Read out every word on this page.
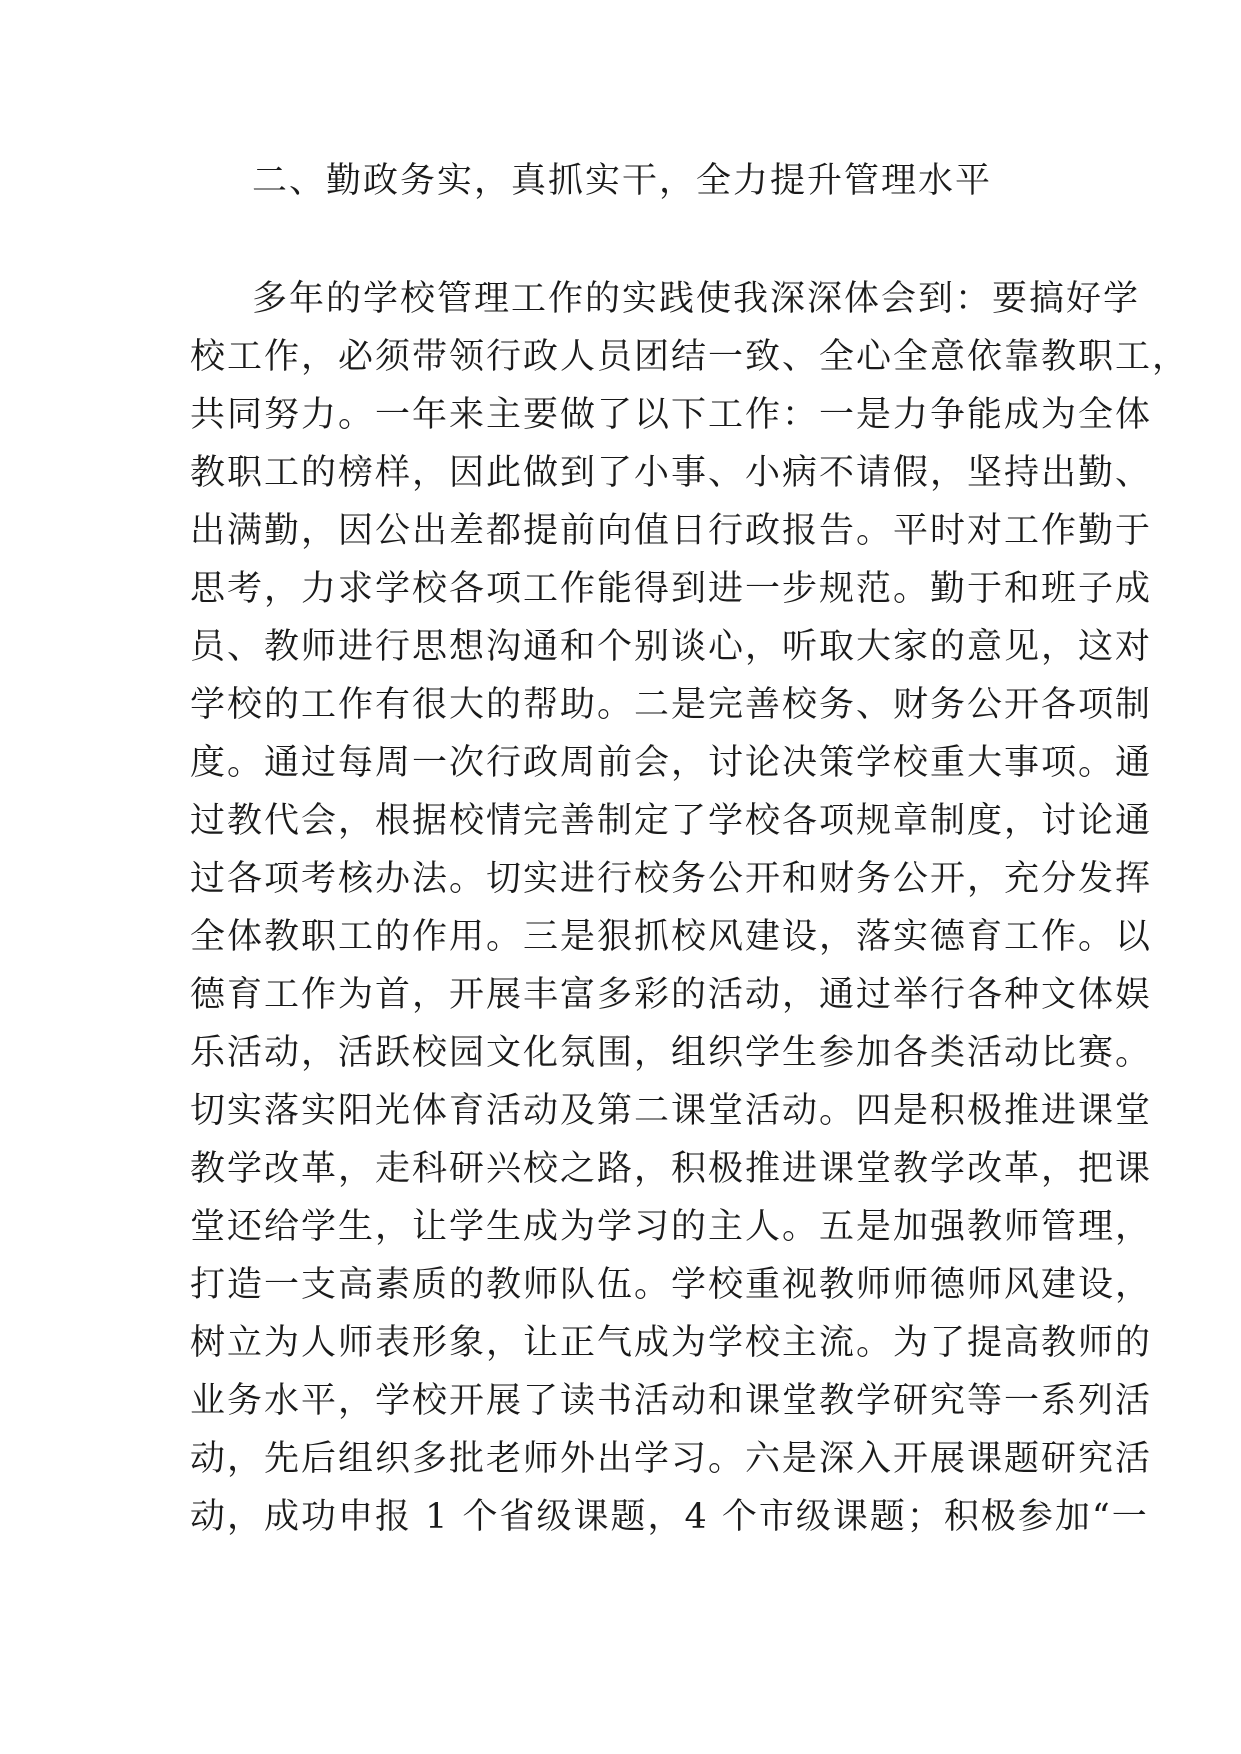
二、勤政务实，真抓实干，全力提升管理水平
多年的学校管理工作的实践使我深深体会到：要搞好学
校工作，必须带领行政人员团结一致、全心全意依靠教职工，
共同努力。一年来主要做了以下工作：一是力争能成为全体
教职工的榜样，因此做到了小事、小病不请假，坚持出勤、
出满勤，因公出差都提前向值日行政报告。平时对工作勤于
思考，力求学校各项工作能得到进一步规范。勤于和班子成
员、教师进行思想沟通和个别谈心，听取大家的意见，这对
学校的工作有很大的帮助。二是完善校务、财务公开各项制
度。通过每周一次行政周前会，讨论决策学校重大事项。通
过教代会，根据校情完善制定了学校各项规章制度，讨论通
过各项考核办法。切实进行校务公开和财务公开，充分发挥
全体教职工的作用。三是狠抓校风建设，落实德育工作。以
德育工作为首，开展丰富多彩的活动，通过举行各种文体娱
乐活动，活跃校园文化氛围，组织学生参加各类活动比赛。
切实落实阳光体育活动及第二课堂活动。四是积极推进课堂
教学改革，走科研兴校之路，积极推进课堂教学改革，把课
堂还给学生，让学生成为学习的主人。五是加强教师管理，
打造一支高素质的教师队伍。学校重视教师师德师风建设，
树立为人师表形象，让正气成为学校主流。为了提高教师的
业务水平，学校开展了读书活动和课堂教学研究等一系列活
动，先后组织多批老师外出学习。六是深入开展课题研究活
动，成功申报 1 个省级课题，4 个市级课题；积极参加“一
